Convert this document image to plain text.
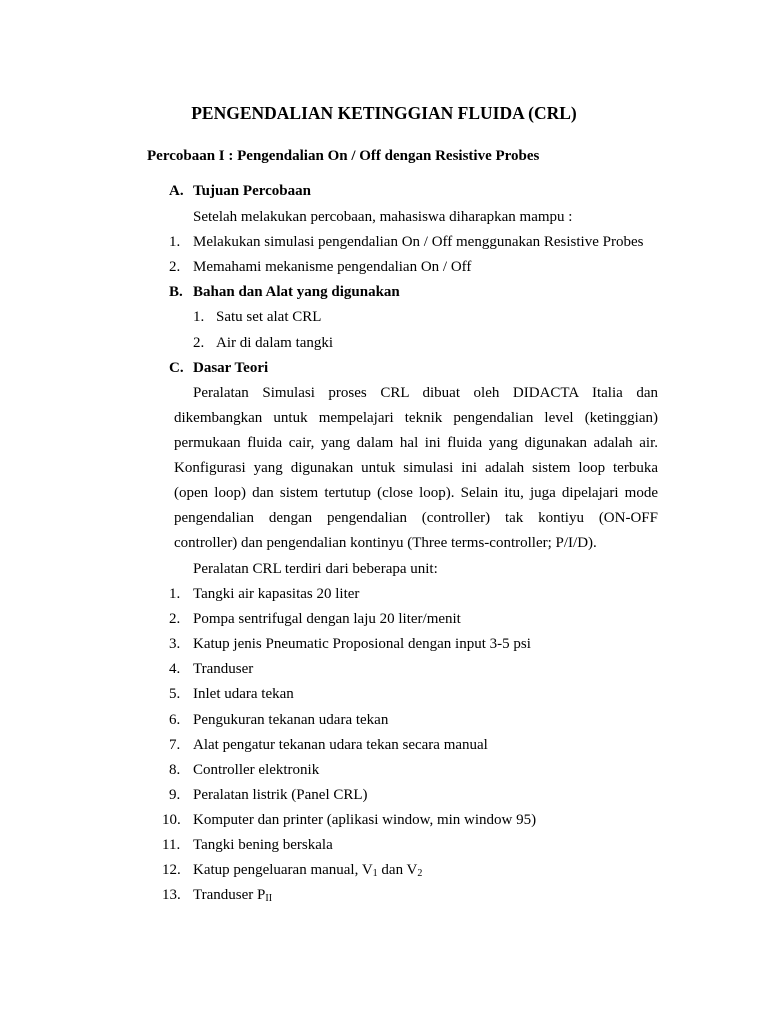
PENGENDALIAN KETINGGIAN FLUIDA (CRL)
Percobaan I : Pengendalian On / Off dengan Resistive Probes
A. Tujuan Percobaan
Setelah melakukan percobaan, mahasiswa diharapkan mampu :
1. Melakukan simulasi pengendalian On / Off menggunakan Resistive Probes
2. Memahami mekanisme pengendalian On / Off
B. Bahan dan Alat yang digunakan
1. Satu set alat CRL
2. Air di dalam tangki
C. Dasar Teori
Peralatan Simulasi proses CRL dibuat oleh DIDACTA Italia dan
dikembangkan untuk mempelajari teknik pengendalian level (ketinggian)
permukaan fluida cair, yang dalam hal ini fluida yang digunakan adalah air.
Konfigurasi yang digunakan untuk simulasi ini adalah sistem loop terbuka
(open loop) dan sistem tertutup (close loop). Selain itu, juga dipelajari mode
pengendalian dengan pengendalian (controller) tak kontiyu (ON-OFF
controller) dan pengendalian kontinyu (Three terms-controller; P/I/D).
Peralatan CRL terdiri dari beberapa unit:
1. Tangki air kapasitas 20 liter
2. Pompa sentrifugal dengan laju 20 liter/menit
3. Katup jenis Pneumatic Proposional dengan input 3-5 psi
4. Tranduser
5. Inlet udara tekan
6. Pengukuran tekanan udara tekan
7. Alat pengatur tekanan udara tekan secara manual
8. Controller elektronik
9. Peralatan listrik (Panel CRL)
10. Komputer dan printer (aplikasi window, min window 95)
11. Tangki bening berskala
12. Katup pengeluaran manual, $V_1$ dan $V_2$
13. Tranduser $P_{II}$
